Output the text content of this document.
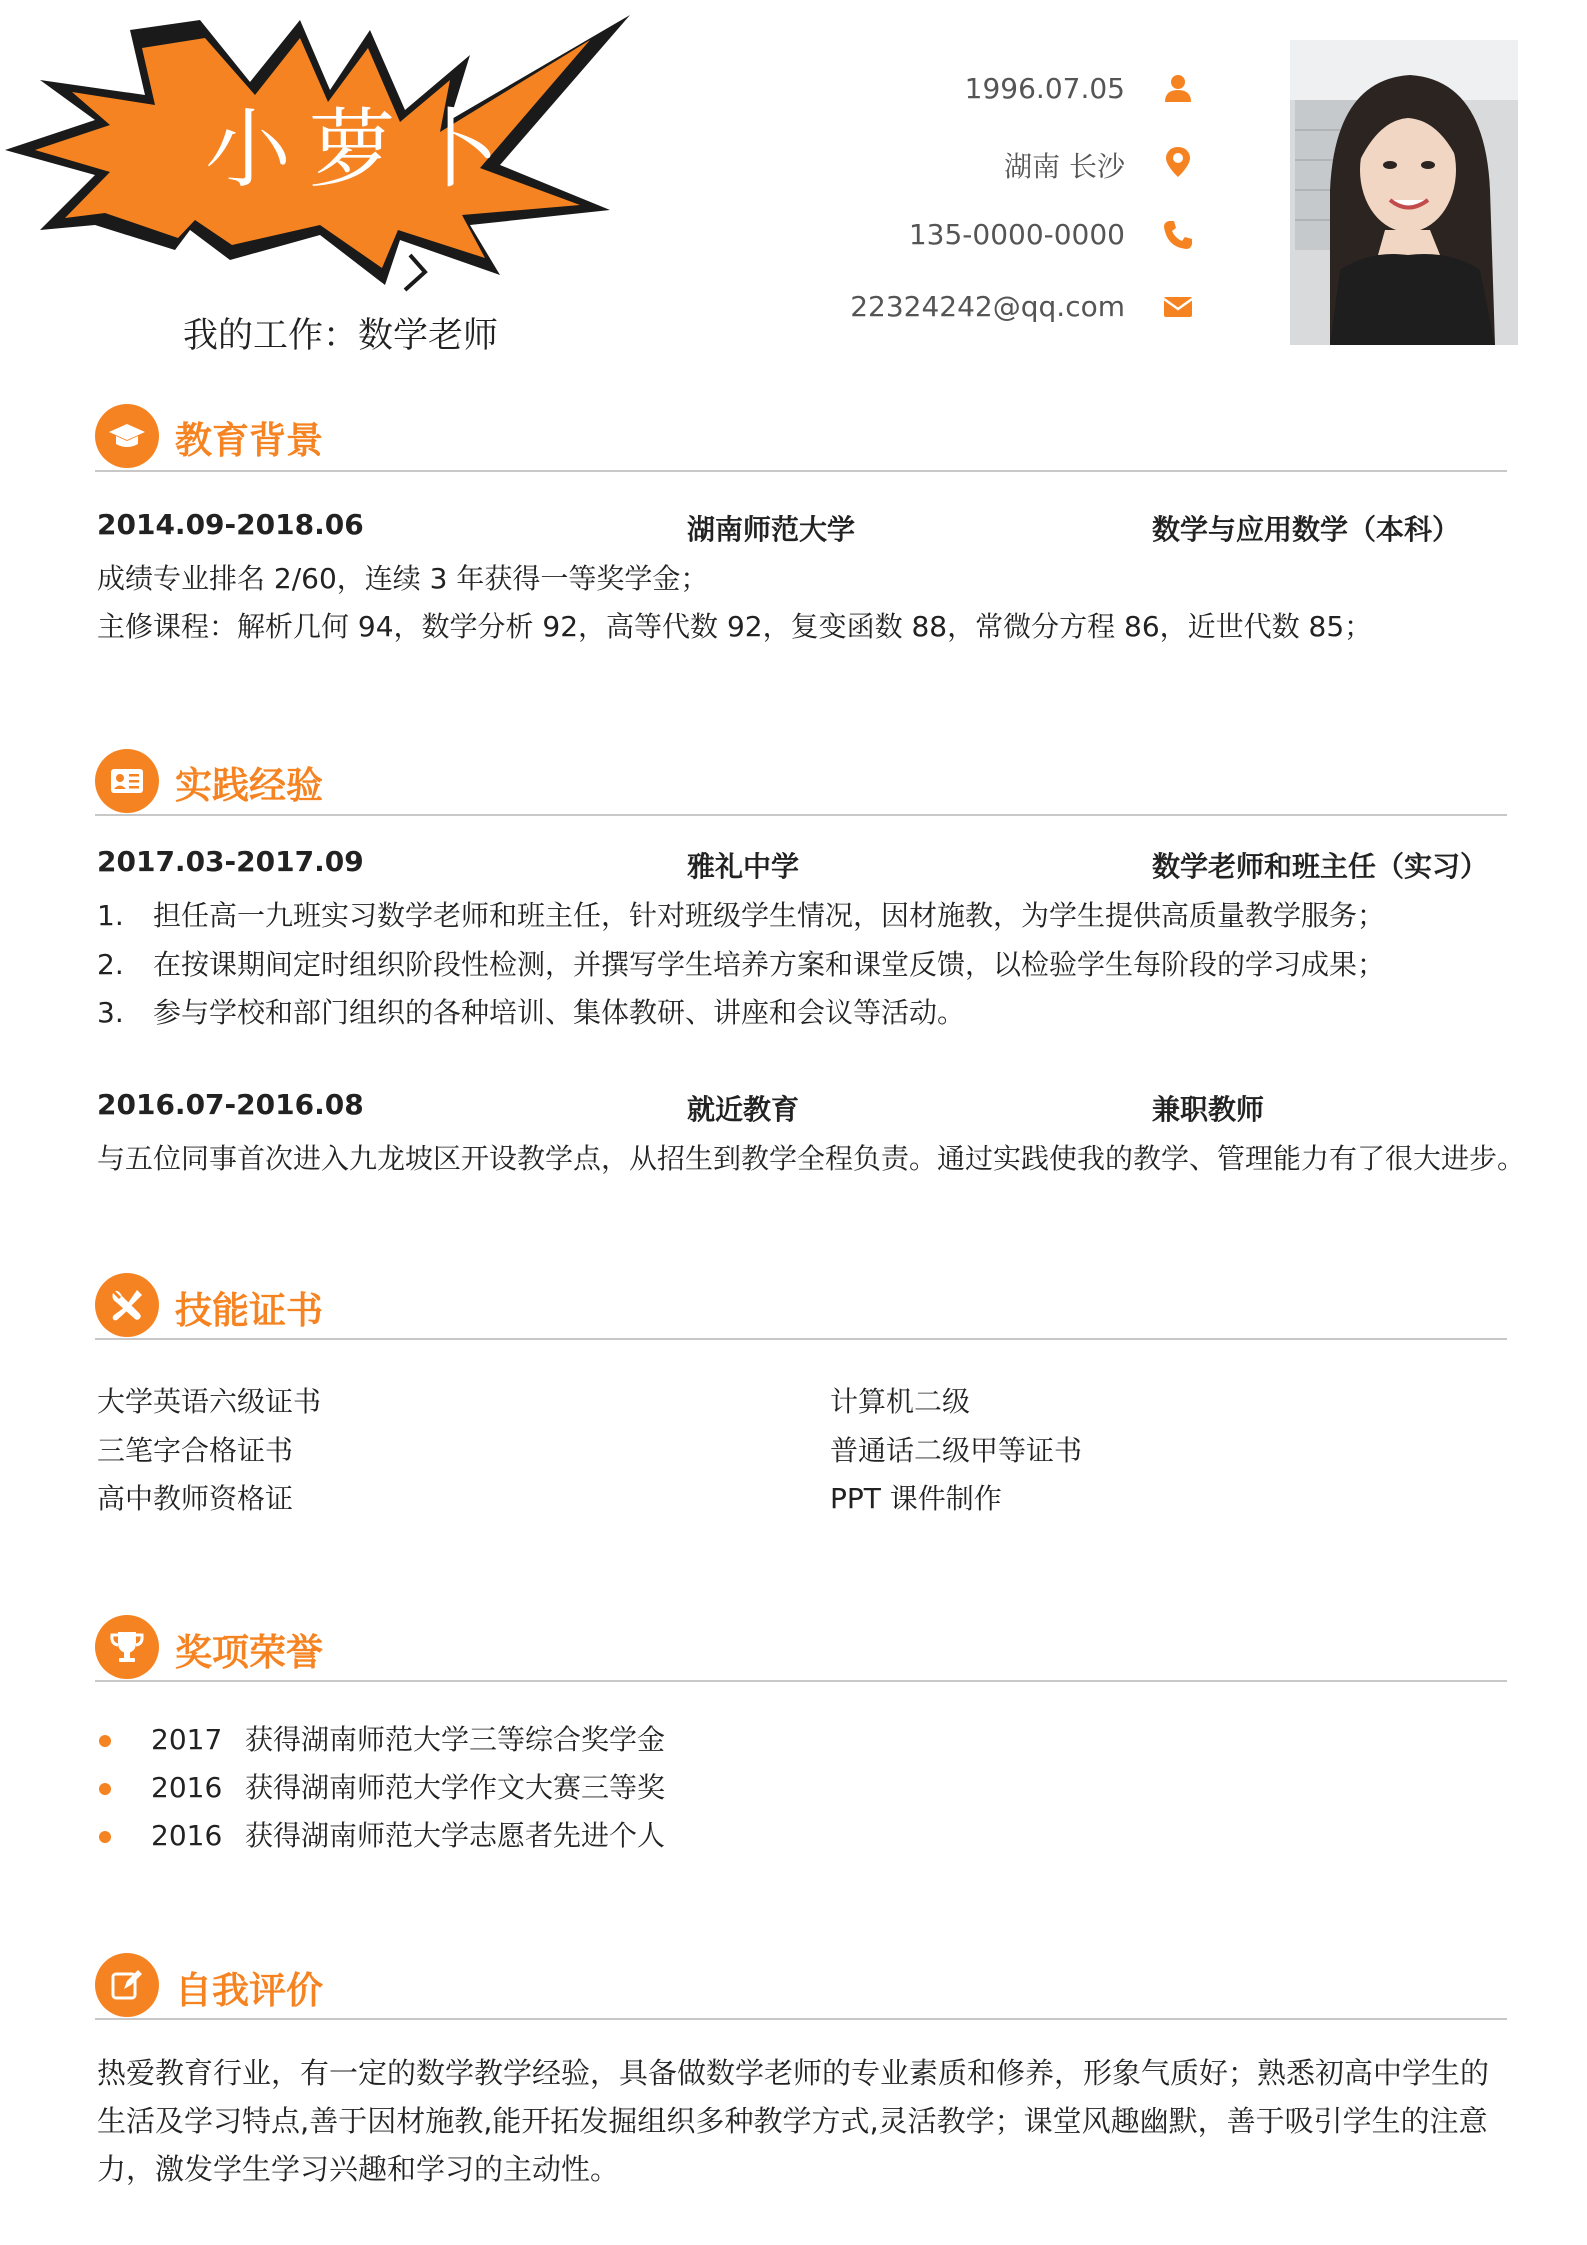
小萝卜
我的工作：数学老师
1996.07.05
湖南 长沙
135-0000-0000
22324242@qq.com
教育背景
2014.09-2018.06	湖南师范大学	数学与应用数学（本科）
成绩专业排名 2/60，连续 3 年获得一等奖学金；
主修课程：解析几何 94，数学分析 92，高等代数 92，复变函数 88，常微分方程 86，近世代数 85；
实践经验
2017.03-2017.09	雅礼中学	数学老师和班主任（实习）
1. 担任高一九班实习数学老师和班主任，针对班级学生情况，因材施教，为学生提供高质量教学服务；
2. 在按课期间定时组织阶段性检测，并撰写学生培养方案和课堂反馈，以检验学生每阶段的学习成果；
3. 参与学校和部门组织的各种培训、集体教研、讲座和会议等活动。
2016.07-2016.08	就近教育	兼职教师
与五位同事首次进入九龙坡区开设教学点，从招生到教学全程负责。通过实践使我的教学、管理能力有了很大进步。
技能证书
大学英语六级证书	计算机二级
三笔字合格证书	普通话二级甲等证书
高中教师资格证	PPT 课件制作
奖项荣誉
2017 获得湖南师范大学三等综合奖学金
2016 获得湖南师范大学作文大赛三等奖
2016 获得湖南师范大学志愿者先进个人
自我评价
热爱教育行业，有一定的数学教学经验，具备做数学老师的专业素质和修养，形象气质好；熟悉初高中学生的生活及学习特点,善于因材施教,能开拓发掘组织多种教学方式,灵活教学；课堂风趣幽默，善于吸引学生的注意力，激发学生学习兴趣和学习的主动性。
